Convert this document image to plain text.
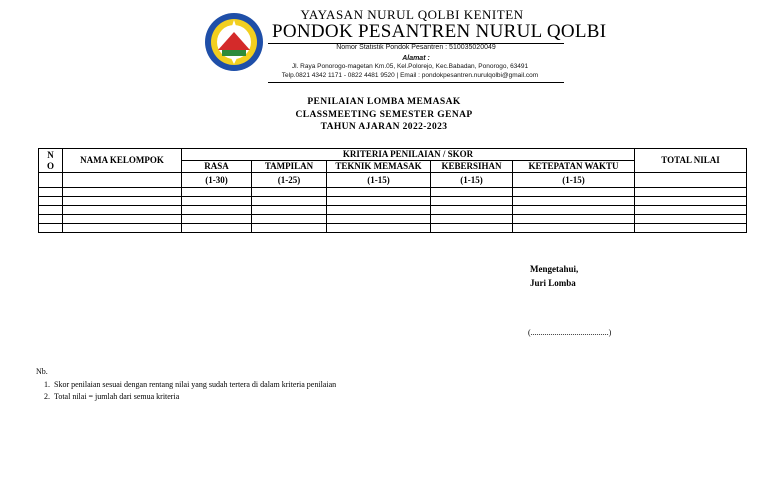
YAYASAN NURUL QOLBI KENITEN
PONDOK PESANTREN NURUL QOLBI
Nomor Statistik Pondok Pesantren : 510035020049
Alamat :
Jl. Raya Ponorogo-magetan Km.05, Kel.Polorejo, Kec.Babadan, Ponorogo, 63491
Telp.0821 4342 1171 - 0822 4481 9520 | Email : pondokpesantren.nurulqolbi@gmail.com
PENILAIAN LOMBA MEMASAK
CLASSMEETING SEMESTER GENAP
TAHUN AJARAN 2022-2023
NO	NAMA KELOMPOK	KRITERIA PENILAIAN / SKOR					TOTAL NILAI
		RASA	TAMPILAN	TEKNIK MEMASAK	KEBERSIHAN	KETEPATAN WAKTU	
		(1-30)	(1-25)	(1-15)	(1-15)	(1-15)	

Mengetahui,
Juri Lomba
(.......................................)
Nb.
1. Skor penilaian sesuai dengan rentang nilai yang sudah tertera di dalam kriteria penilaian
2. Total nilai = jumlah dari semua kriteria
